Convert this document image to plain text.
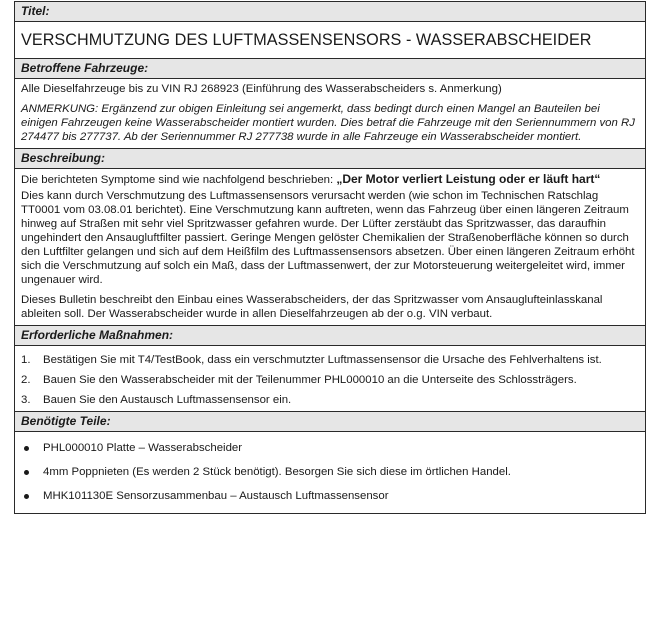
Titel:
VERSCHMUTZUNG DES LUFTMASSENSENSORS - WASSERABSCHEIDER
Betroffene Fahrzeuge:

Alle Dieselfahrzeuge bis zu VIN RJ 268923 (Einführung des Wasserabscheiders s. Anmerkung)

ANMERKUNG: Ergänzend zur obigen Einleitung sei angemerkt, dass bedingt durch einen Mangel an Bauteilen bei einigen Fahrzeugen keine Wasserabscheider montiert wurden. Dies betraf die Fahrzeuge mit den Seriennummern von RJ 274477 bis 277737. Ab der Seriennummer RJ 277738 wurde in alle Fahrzeuge ein Wasserabscheider montiert.

Beschreibung:

Die berichteten Symptome sind wie nachfolgend beschrieben: „Der Motor verliert Leistung oder er läuft hart“

Dies kann durch Verschmutzung des Luftmassensensors verursacht werden (wie schon im Technischen Ratschlag TT0001 vom 03.08.01 berichtet). Eine Verschmutzung kann auftreten, wenn das Fahrzeug über einen längeren Zeitraum hinweg auf Straßen mit sehr viel Spritzwasser gefahren wurde. Der Lüfter zerstäubt das Spritzwasser, das daraufhin ungehindert den Ansaugluftfilter passiert. Geringe Mengen gelöster Chemikalien der Straßenoberfläche können so durch den Luftfilter gelangen und sich auf dem Heißfilm des Luftmassensensors absetzen. Über einen längeren Zeitraum erhöht sich die Verschmutzung auf solch ein Maß, dass der Luftmassenwert, der zur Motorsteuerung weitergeleitet wird, immer ungenauer wird.

Dieses Bulletin beschreibt den Einbau eines Wasserabscheiders, der das Spritzwasser vom Ansauglufteinlasskanal ableiten soll. Der Wasserabscheider wurde in allen Dieselfahrzeugen ab der o.g. VIN verbaut.

Erforderliche Maßnahmen:
1. Bestätigen Sie mit T4/TestBook, dass ein verschmutzter Luftmassensensor die Ursache des Fehlverhaltens ist.
2. Bauen Sie den Wasserabscheider mit der Teilenummer PHL000010 an die Unterseite des Schlossträgers.
3. Bauen Sie den Austausch Luftmassensensor ein.
Benötigte Teile:
PHL000010 Platte – Wasserabscheider
4mm Poppnieten (Es werden 2 Stück benötigt). Besorgen Sie sich diese im örtlichen Handel.
MHK101130E Sensorzusammenbau – Austausch Luftmassensensor
